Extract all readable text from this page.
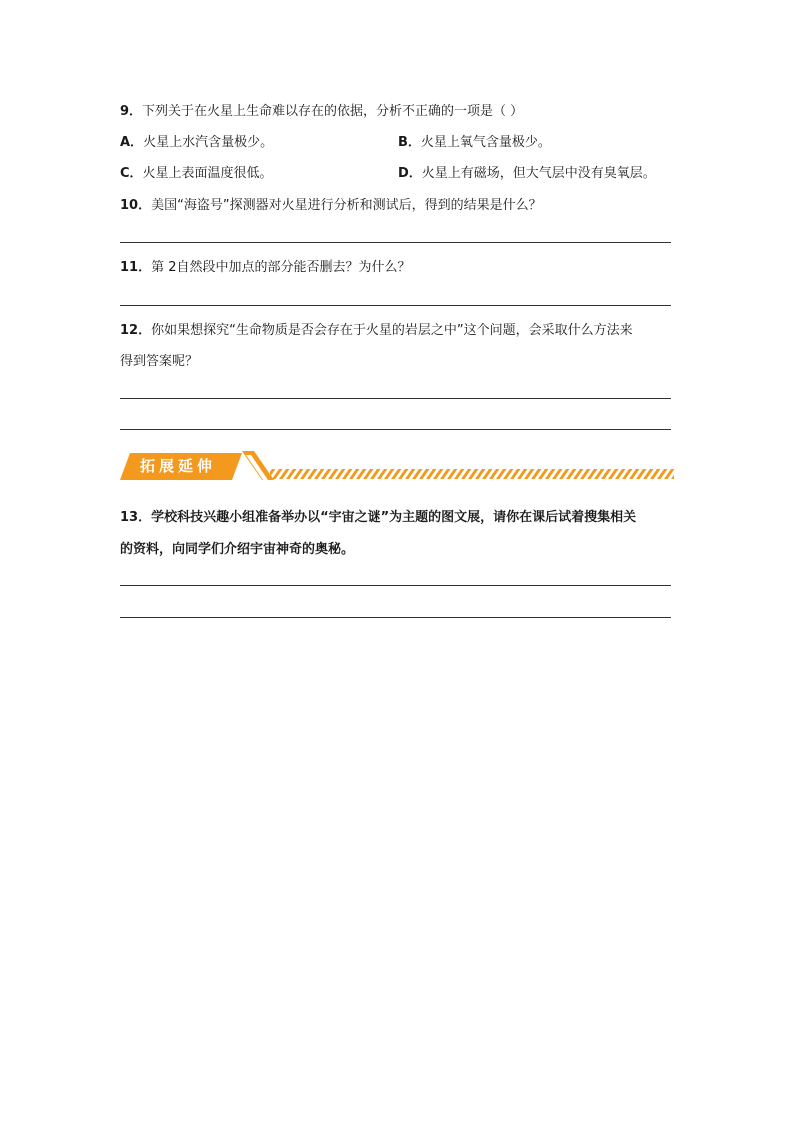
9．下列关于在火星上生命难以存在的依据，分析不正确的一项是（ ）
A．火星上水汽含量极少。	B．火星上氧气含量极少。
C．火星上表面温度很低。	D．火星上有磁场，但大气层中没有臭氧层。
10．美国“海盗号”探测器对火星进行分析和测试后，得到的结果是什么？
11．第 2自然段中加点的部分能否删去？为什么？
12．你如果想探究“生命物质是否会存在于火星的岩层之中”这个问题，会采取什么方法来
得到答案呢？
拓展延伸
13．学校科技兴趣小组准备举办以“宇宙之谜”为主题的图文展，请你在课后试着搜集相关
的资料，向同学们介绍宇宙神奇的奥秘。
